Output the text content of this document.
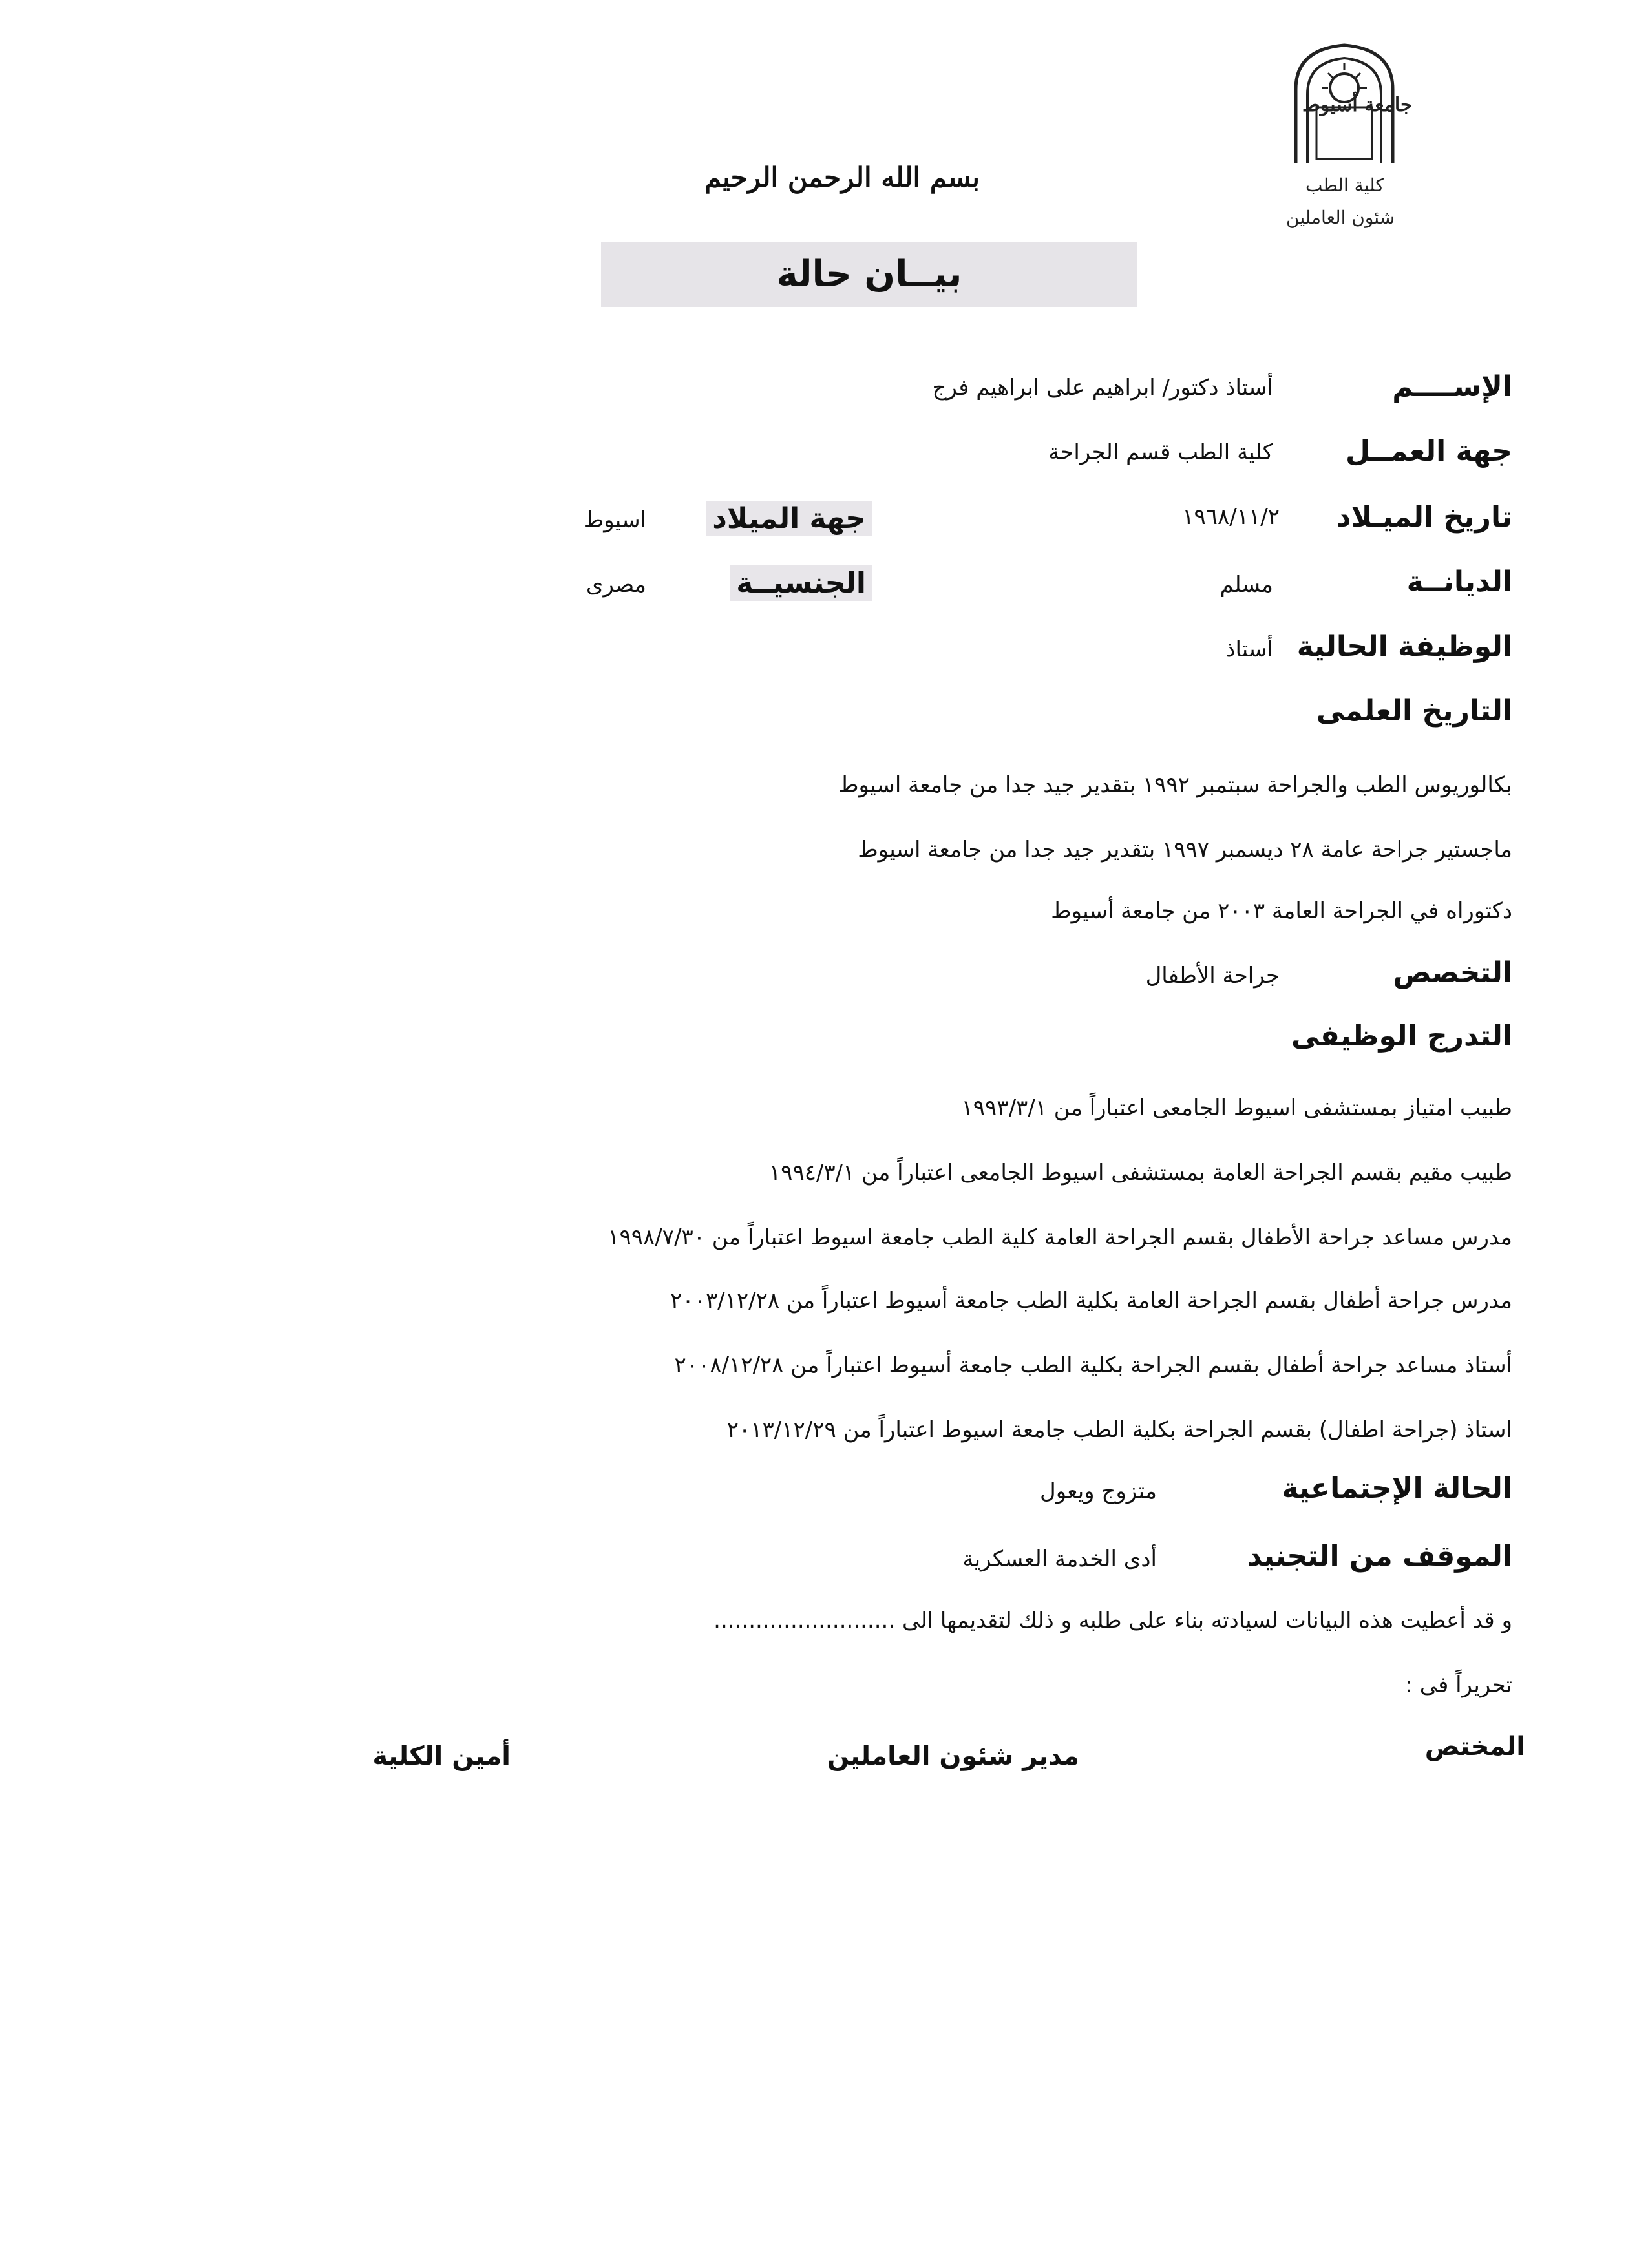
جامعة أسيوط
كلية الطب
شئون العاملين
بسم الله الرحمن الرحيم
بيــان حالة
الإســــم
أستاذ دكتور/ ابراهيم على ابراهيم فرج
جهة العمــل
كلية الطب قسم الجراحة
تاريخ الميـلاد
١٩٦٨/١١/٢
جهة الميلاد
اسيوط
الديانــة
مسلم
الجنسيــة
مصرى
الوظيفة الحالية
أستاذ
التاريخ العلمى
بكالوريوس الطب والجراحة سبتمبر ١٩٩٢ بتقدير جيد جدا من جامعة اسيوط
ماجستير جراحة عامة ٢٨ ديسمبر ١٩٩٧ بتقدير جيد جدا من جامعة اسيوط
دكتوراه في الجراحة العامة ٢٠٠٣ من جامعة أسيوط
التخصص
جراحة الأطفال
التدرج الوظيفى
طبيب امتياز بمستشفى اسيوط الجامعى اعتباراً من ١٩٩٣/٣/١
طبيب مقيم بقسم الجراحة العامة بمستشفى اسيوط الجامعى اعتباراً من ١٩٩٤/٣/١
مدرس مساعد جراحة الأطفال بقسم الجراحة العامة كلية الطب جامعة اسيوط اعتباراً من ١٩٩٨/٧/٣٠
مدرس جراحة أطفال بقسم الجراحة العامة بكلية الطب جامعة أسيوط اعتباراً من ٢٠٠٣/١٢/٢٨
أستاذ مساعد جراحة أطفال بقسم الجراحة بكلية الطب جامعة أسيوط اعتباراً من ٢٠٠٨/١٢/٢٨
استاذ (جراحة اطفال) بقسم الجراحة بكلية الطب جامعة اسيوط اعتباراً من ٢٠١٣/١٢/٢٩
الحالة الإجتماعية
متزوج ويعول
الموقف من التجنيد
أدى الخدمة العسكرية
و قد أعطيت هذه البيانات لسيادته بناء على طلبه و ذلك لتقديمها الى ..........................
تحريراً فى :
المختص
مدير شئون العاملين
أمين الكلية
